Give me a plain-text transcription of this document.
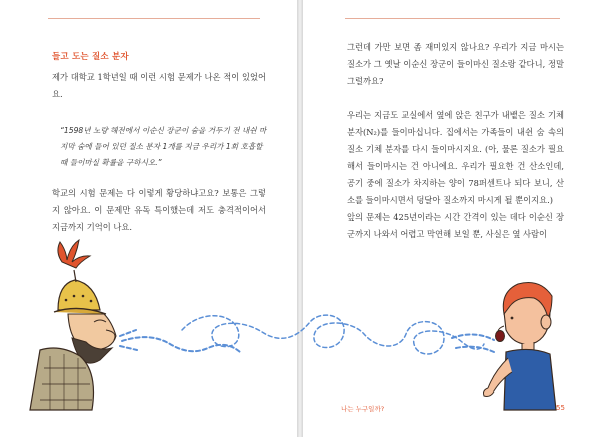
들고 도는 질소 분자
제가 대학교 1학년일 때 이런 시험 문제가 나온 적이 있었어요.
“1598년 노량 해전에서 이순신 장군이 숨을 거두기 전 내쉰 마지막 숨에 들어 있던 질소 분자 1개를 지금 우리가 1회 호흡할 때 들이마실 확률을 구하시오.”
학교의 시험 문제는 다 이렇게 황당하냐고요? 보통은 그렇지 않아요. 이 문제만 유독 특이했는데 저도 충격적이어서 지금까지 기억이 나요.
그런데 가만 보면 좀 재미있지 않나요? 우리가 지금 마시는 질소가 그 옛날 이순신 장군이 들이마신 질소랑 같다니, 정말 그럴까요?
우리는 지금도 교실에서 옆에 앉은 친구가 내뱉은 질소 기체 분자(N₂)를 들이마십니다. 집에서는 가족들이 내쉰 숨 속의 질소 기체 분자를 다시 들이마시지요. (아, 물론 질소가 필요해서 들이마시는 건 아니에요. 우리가 필요한 건 산소인데, 공기 중에 질소가 차지하는 양이 78퍼센트나 되다 보니, 산소를 들이마시면서 덩달아 질소까지 마시게 될 뿐이지요.)
앞의 문제는 425년이라는 시간 간격이 있는 데다 이순신 장군까지 나와서 어렵고 막연해 보일 뿐, 사실은 옆 사람이
나는 누구일까?	55
